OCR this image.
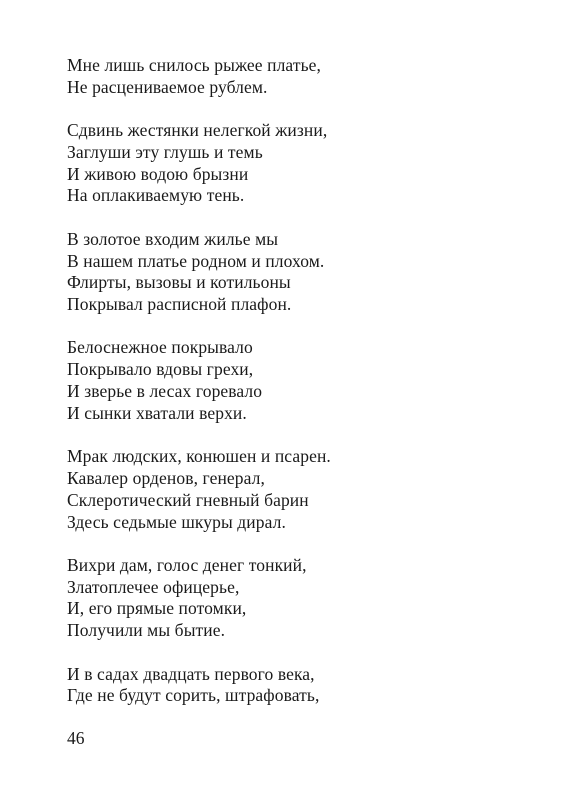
Мне лишь снилось рыжее платье,
Не расцениваемое рублем.
Сдвинь жестянки нелегкой жизни,
Заглуши эту глушь и темь
И живою водою брызни
На оплакиваемую тень.
В золотое входим жилье мы
В нашем платье родном и плохом.
Флирты, вызовы и котильоны
Покрывал расписной плафон.
Белоснежное покрывало
Покрывало вдовы грехи,
И зверье в лесах горевало
И сынки хватали верхи.
Мрак людских, конюшен и псарен.
Кавалер орденов, генерал,
Склеротический гневный барин
Здесь седьмые шкуры дирал.
Вихри дам, голос денег тонкий,
Златоплечее офицерье,
И, его прямые потомки,
Получили мы бытие.
И в садах двадцать первого века,
Где не будут сорить, штрафовать,
46
